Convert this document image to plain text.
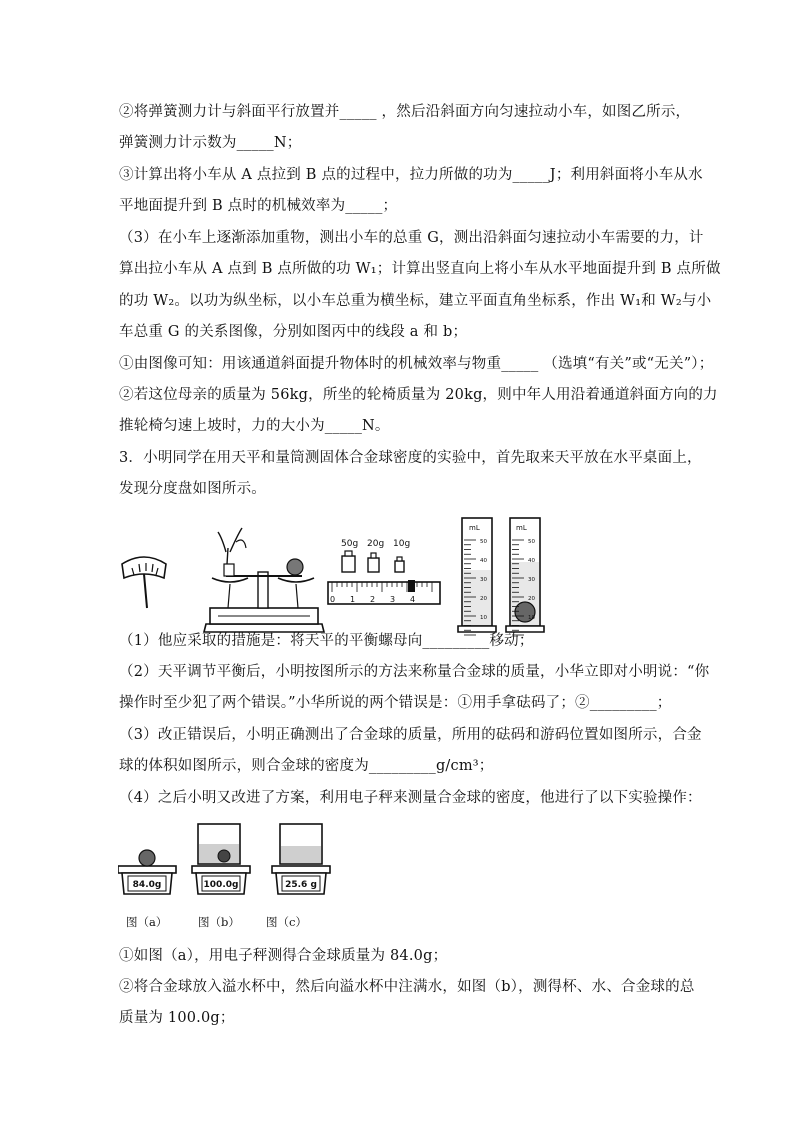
②将弹簧测力计与斜面平行放置并_____ ，然后沿斜面方向匀速拉动小车，如图乙所示，
弹簧测力计示数为_____N；
③计算出将小车从 A 点拉到 B 点的过程中，拉力所做的功为_____J；利用斜面将小车从水
平地面提升到 B 点时的机械效率为_____；
（3）在小车上逐渐添加重物，测出小车的总重 G，测出沿斜面匀速拉动小车需要的力，计
算出拉小车从 A 点到 B 点所做的功 W₁；计算出竖直向上将小车从水平地面提升到 B 点所做
的功 W₂。以功为纵坐标，以小车总重为横坐标，建立平面直角坐标系，作出 W₁和 W₂与小
车总重 G 的关系图像，分别如图丙中的线段 a 和 b；
①由图像可知：用该通道斜面提升物体时的机械效率与物重_____ （选填“有关”或“无关”）；
②若这位母亲的质量为 56kg，所坐的轮椅质量为 20kg，则中年人用沿着通道斜面方向的力
推轮椅匀速上坡时，力的大小为_____N。
3．小明同学在用天平和量筒测固体合金球密度的实验中，首先取来天平放在水平桌面上，
发现分度盘如图所示。
50g 20g 10g
0 1 2 3 4
mL
50
40
30
20
10
mL
50
40
30
20
10
（1）他应采取的措施是：将天平的平衡螺母向_________移动；
（2）天平调节平衡后，小明按图所示的方法来称量合金球的质量，小华立即对小明说：“你
操作时至少犯了两个错误。”小华所说的两个错误是：①用手拿砝码了；②_________；
（3）改正错误后，小明正确测出了合金球的质量，所用的砝码和游码位置如图所示，合金
球的体积如图所示，则合金球的密度为_________g/cm³；
（4）之后小明又改进了方案，利用电子秤来测量合金球的密度，他进行了以下实验操作：
84.0g	100.0g	25.6 g
图（a）	图（b） 图（c）
①如图（a），用电子秤测得合金球质量为 84.0g；
②将合金球放入溢水杯中，然后向溢水杯中注满水，如图（b），测得杯、水、合金球的总
质量为 100.0g；
